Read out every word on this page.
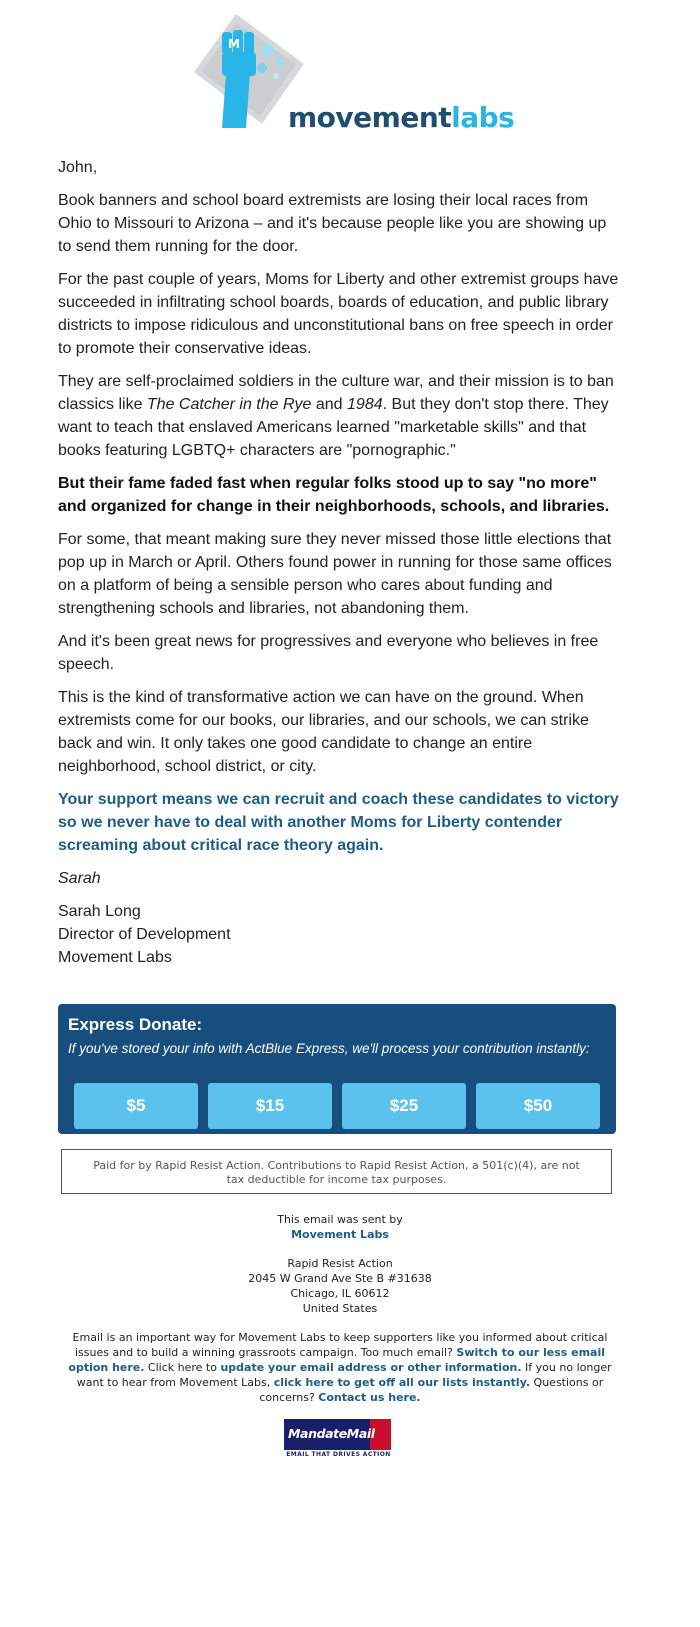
M
movementlabs

John,

Book banners and school board extremists are losing their local races from Ohio to Missouri to Arizona – and it's because people like you are showing up to send them running for the door.

For the past couple of years, Moms for Liberty and other extremist groups have succeeded in infiltrating school boards, boards of education, and public library districts to impose ridiculous and unconstitutional bans on free speech in order to promote their conservative ideas.

They are self-proclaimed soldiers in the culture war, and their mission is to ban classics like The Catcher in the Rye and 1984. But they don't stop there. They want to teach that enslaved Americans learned "marketable skills" and that books featuring LGBTQ+ characters are "pornographic."

But their fame faded fast when regular folks stood up to say "no more" and organized for change in their neighborhoods, schools, and libraries.

For some, that meant making sure they never missed those little elections that pop up in March or April. Others found power in running for those same offices on a platform of being a sensible person who cares about funding and strengthening schools and libraries, not abandoning them.

And it's been great news for progressives and everyone who believes in free speech.

This is the kind of transformative action we can have on the ground. When extremists come for our books, our libraries, and our schools, we can strike back and win. It only takes one good candidate to change an entire neighborhood, school district, or city.

Your support means we can recruit and coach these candidates to victory so we never have to deal with another Moms for Liberty contender screaming about critical race theory again.

Sarah

Sarah Long
Director of Development
Movement Labs
Express Donate:
If you've stored your info with ActBlue Express, we'll process your contribution instantly:
$5	$15	$25	$50
Paid for by Rapid Resist Action. Contributions to Rapid Resist Action, a 501(c)(4), are not tax deductible for income tax purposes.
This email was sent by
Movement Labs
Rapid Resist Action
2045 W Grand Ave Ste B #31638
Chicago, IL 60612
United States
Email is an important way for Movement Labs to keep supporters like you informed about critical issues and to build a winning grassroots campaign. Too much email? Switch to our less email option here. Click here to update your email address or other information. If you no longer want to hear from Movement Labs, click here to get off all our lists instantly. Questions or concerns? Contact us here.
MandateMail
EMAIL THAT DRIVES ACTION
